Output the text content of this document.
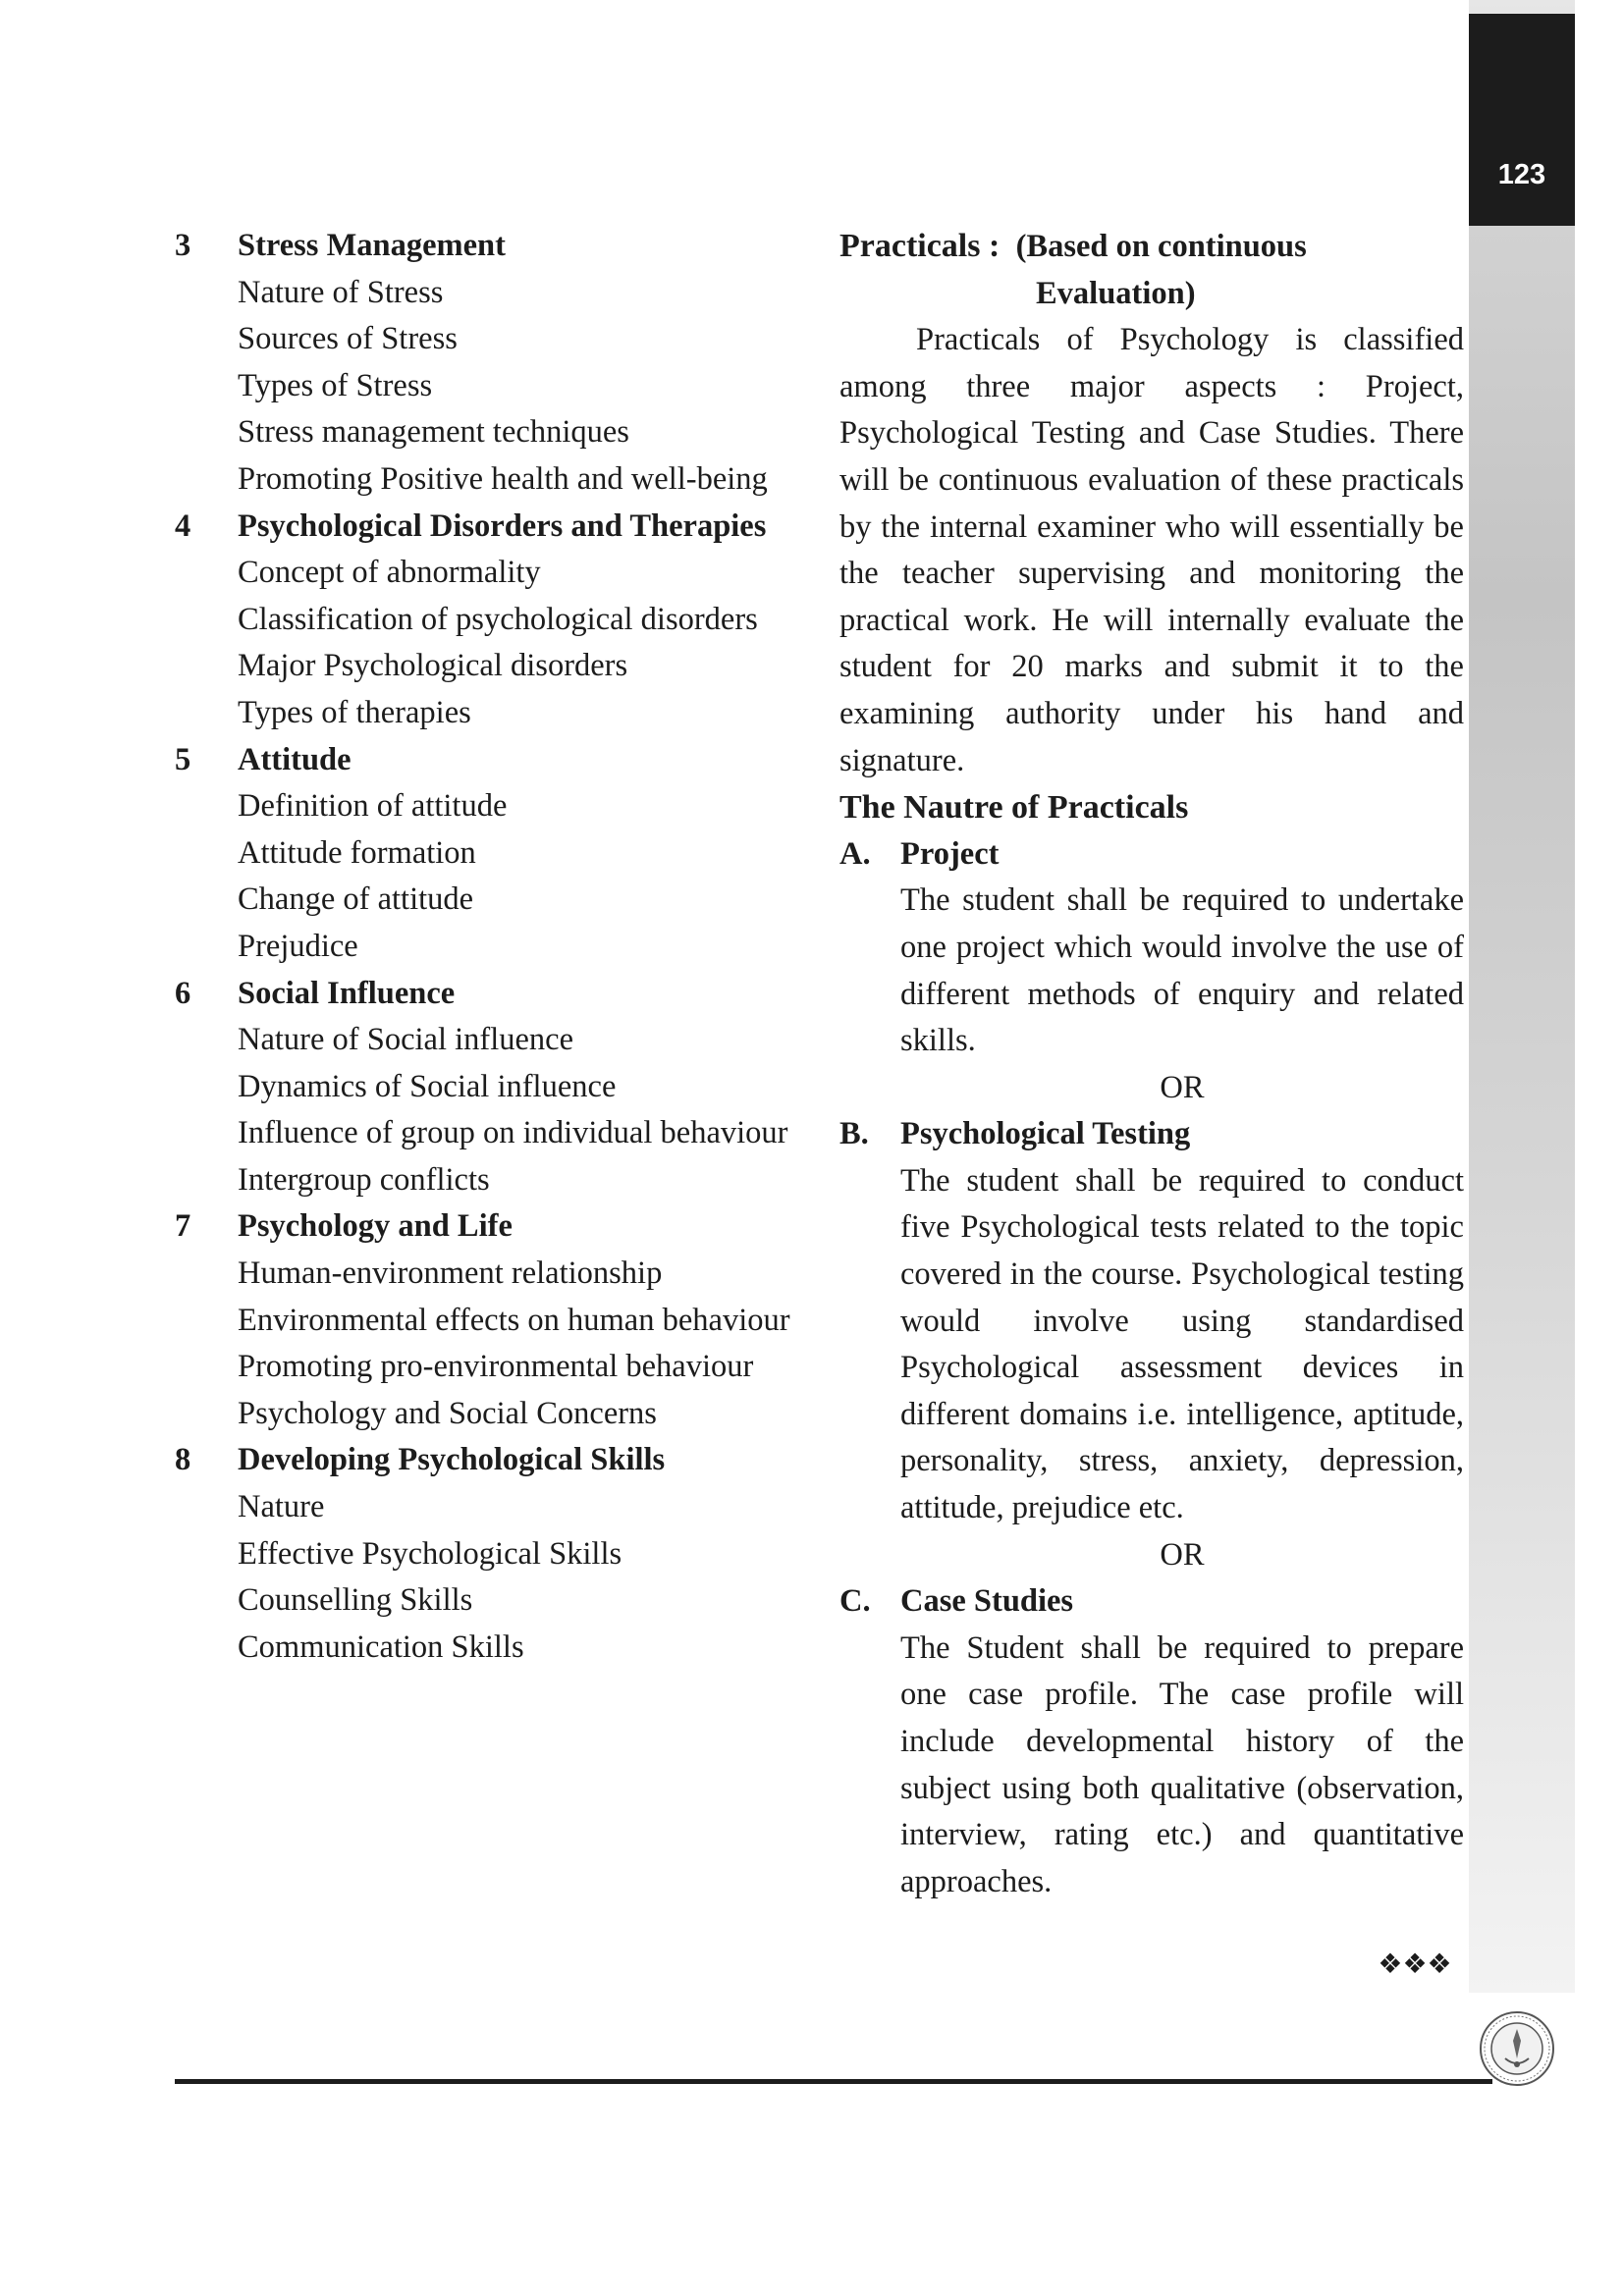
123
3 Stress Management
Nature of Stress
Sources of Stress
Types of Stress
Stress management techniques
Promoting Positive health and well-being
4 Psychological Disorders and Therapies
Concept of abnormality
Classification of psychological disorders
Major Psychological disorders
Types of therapies
5 Attitude
Definition of attitude
Attitude formation
Change of attitude
Prejudice
6 Social Influence
Nature of Social influence
Dynamics of Social influence
Influence of group on individual behaviour
Intergroup conflicts
7 Psychology and Life
Human-environment relationship
Environmental effects on human behaviour
Promoting pro-environmental behaviour
Psychology and Social Concerns
8 Developing Psychological Skills
Nature
Effective Psychological Skills
Counselling Skills
Communication Skills
Practicals : (Based on continuous
Evaluation)
Practicals of Psychology is classified among three major aspects : Project, Psychological Testing and Case Studies. There will be continuous evaluation of these practicals by the internal examiner who will essentially be the teacher supervising and monitoring the practical work. He will internally evaluate the student for 20 marks and submit it to the examining authority under his hand and signature.
The Nautre of Practicals
A. Project
The student shall be required to undertake one project which would involve the use of different methods of enquiry and related skills.
OR
B. Psychological Testing
The student shall be required to conduct five Psychological tests related to the topic covered in the course. Psychological testing would involve using standardised Psychological assessment devices in different domains i.e. intelligence, aptitude, personality, stress, anxiety, depression, attitude, prejudice etc.
OR
C. Case Studies
The Student shall be required to prepare one case profile. The case profile will include developmental history of the subject using both qualitative (observation, interview, rating etc.) and quantitative approaches.
❖❖❖
